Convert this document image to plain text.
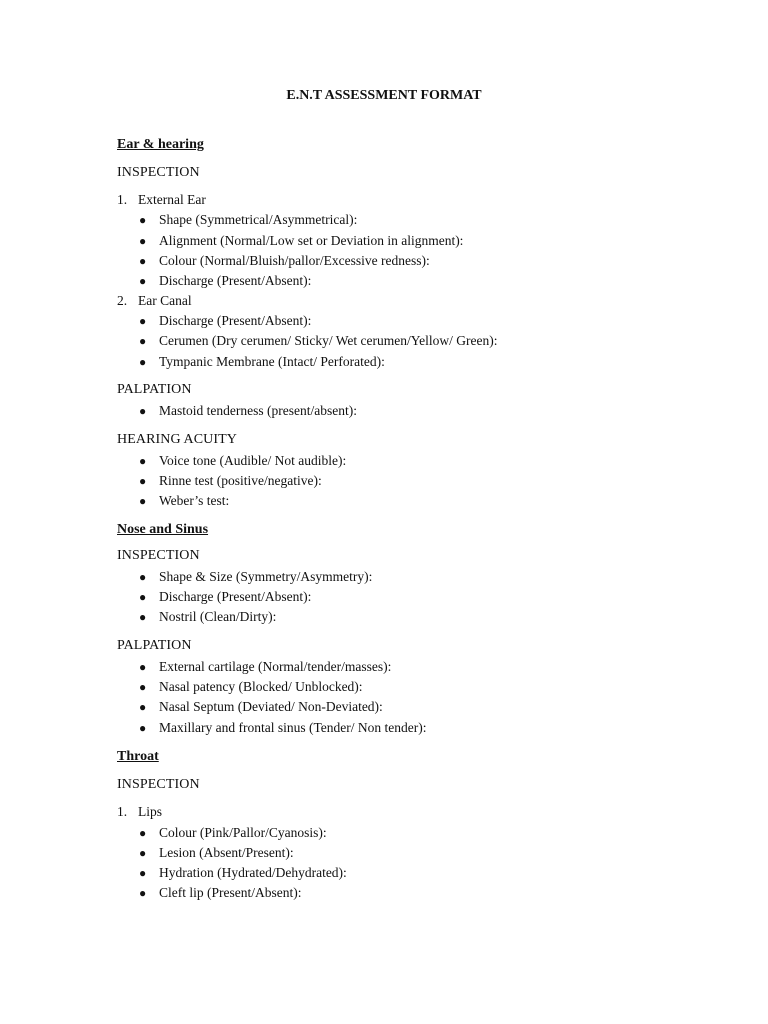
E.N.T ASSESSMENT FORMAT
Ear & hearing
INSPECTION
1. External Ear
● Shape (Symmetrical/Asymmetrical):
● Alignment (Normal/Low set or Deviation in alignment):
● Colour (Normal/Bluish/pallor/Excessive redness):
● Discharge (Present/Absent):
2. Ear Canal
● Discharge (Present/Absent):
● Cerumen (Dry cerumen/ Sticky/ Wet cerumen/Yellow/ Green):
● Tympanic Membrane (Intact/ Perforated):
PALPATION
● Mastoid tenderness (present/absent):
HEARING ACUITY
● Voice tone (Audible/ Not audible):
● Rinne test (positive/negative):
● Weber’s test:
Nose and Sinus
INSPECTION
● Shape & Size (Symmetry/Asymmetry):
● Discharge (Present/Absent):
● Nostril (Clean/Dirty):
PALPATION
● External cartilage (Normal/tender/masses):
● Nasal patency (Blocked/ Unblocked):
● Nasal Septum (Deviated/ Non-Deviated):
● Maxillary and frontal sinus (Tender/ Non tender):
Throat
INSPECTION
1. Lips
● Colour (Pink/Pallor/Cyanosis):
● Lesion (Absent/Present):
● Hydration (Hydrated/Dehydrated):
● Cleft lip (Present/Absent):
